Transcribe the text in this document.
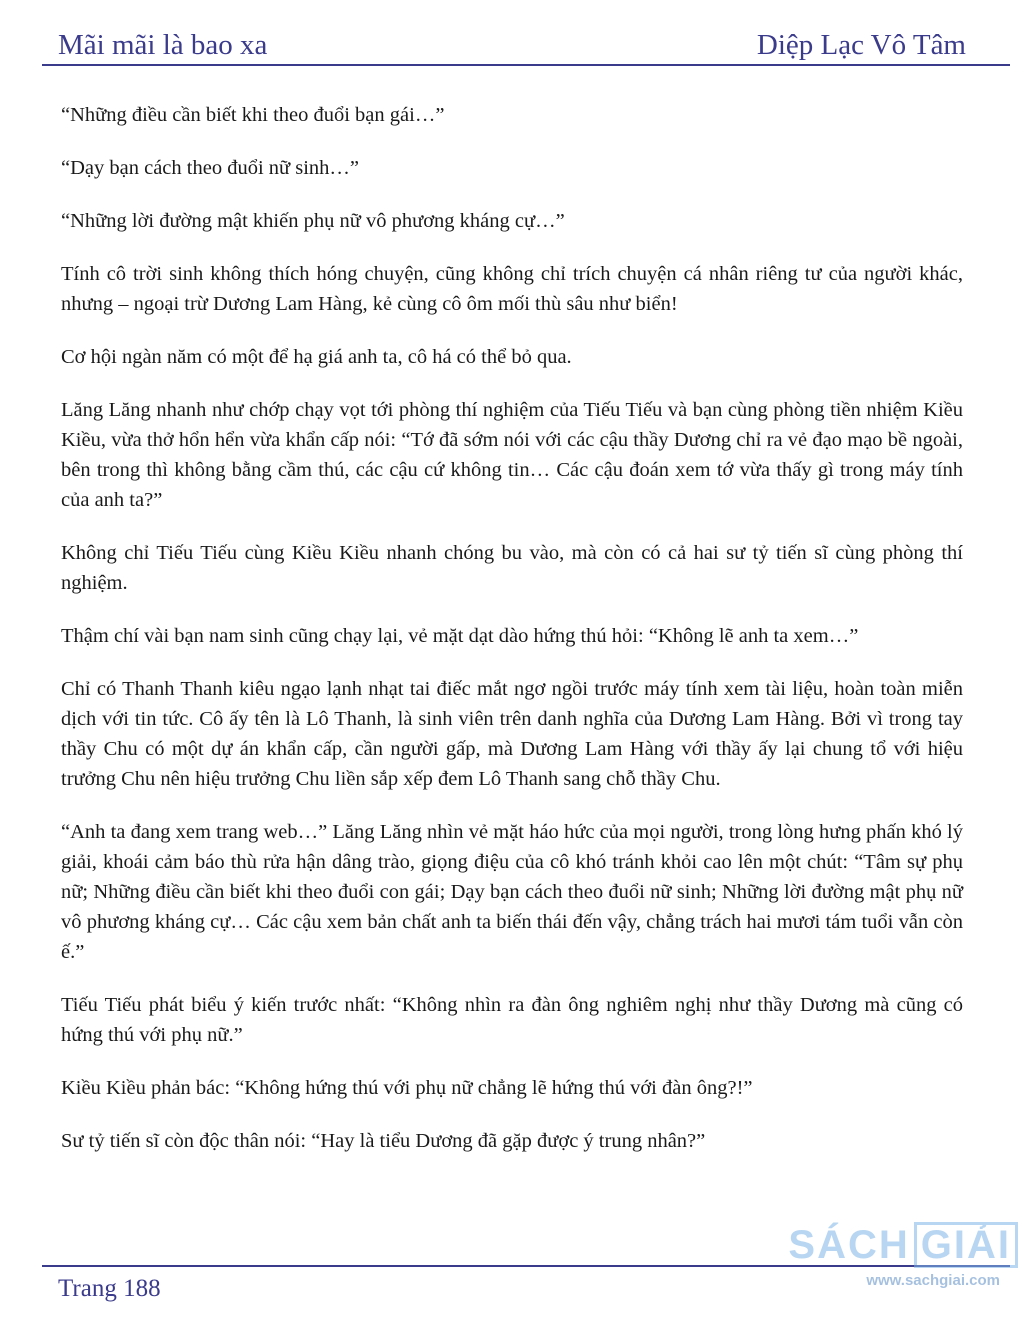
Mãi mãi là bao xa	Diệp Lạc Vô Tâm

“Những điều cần biết khi theo đuổi bạn gái…”

“Dạy bạn cách theo đuổi nữ sinh…”

“Những lời đường mật khiến phụ nữ vô phương kháng cự…”

Tính cô trời sinh không thích hóng chuyện, cũng không chỉ trích chuyện cá nhân riêng tư của người khác, nhưng – ngoại trừ Dương Lam Hàng, kẻ cùng cô ôm mối thù sâu như biển!

Cơ hội ngàn năm có một để hạ giá anh ta, cô há có thể bỏ qua.

Lăng Lăng nhanh như chớp chạy vọt tới phòng thí nghiệm của Tiếu Tiếu và bạn cùng phòng tiền nhiệm Kiều Kiều, vừa thở hổn hển vừa khẩn cấp nói: “Tớ đã sớm nói với các cậu thầy Dương chỉ ra vẻ đạo mạo bề ngoài, bên trong thì không bằng cầm thú, các cậu cứ không tin… Các cậu đoán xem tớ vừa thấy gì trong máy tính của anh ta?”

Không chỉ Tiếu Tiếu cùng Kiều Kiều nhanh chóng bu vào, mà còn có cả hai sư tỷ tiến sĩ cùng phòng thí nghiệm.

Thậm chí vài bạn nam sinh cũng chạy lại, vẻ mặt dạt dào hứng thú hỏi: “Không lẽ anh ta xem…”

Chỉ có Thanh Thanh kiêu ngạo lạnh nhạt tai điếc mắt ngơ ngồi trước máy tính xem tài liệu, hoàn toàn miễn dịch với tin tức. Cô ấy tên là Lô Thanh, là sinh viên trên danh nghĩa của Dương Lam Hàng. Bởi vì trong tay thầy Chu có một dự án khẩn cấp, cần người gấp, mà Dương Lam Hàng với thầy ấy lại chung tổ với hiệu trưởng Chu nên hiệu trưởng Chu liền sắp xếp đem Lô Thanh sang chỗ thầy Chu.

“Anh ta đang xem trang web…” Lăng Lăng nhìn vẻ mặt háo hức của mọi người, trong lòng hưng phấn khó lý giải, khoái cảm báo thù rửa hận dâng trào, giọng điệu của cô khó tránh khỏi cao lên một chút: “Tâm sự phụ nữ; Những điều cần biết khi theo đuổi con gái; Dạy bạn cách theo đuổi nữ sinh; Những lời đường mật phụ nữ vô phương kháng cự… Các cậu xem bản chất anh ta biến thái đến vậy, chẳng trách hai mươi tám tuổi vẫn còn ế.”

Tiếu Tiếu phát biểu ý kiến trước nhất: “Không nhìn ra đàn ông nghiêm nghị như thầy Dương mà cũng có hứng thú với phụ nữ.”

Kiều Kiều phản bác: “Không hứng thú với phụ nữ chẳng lẽ hứng thú với đàn ông?!”

Sư tỷ tiến sĩ còn độc thân nói: “Hay là tiểu Dương đã gặp được ý trung nhân?”

Trang 188
SÁCH GIẢI
www.sachgiai.com
